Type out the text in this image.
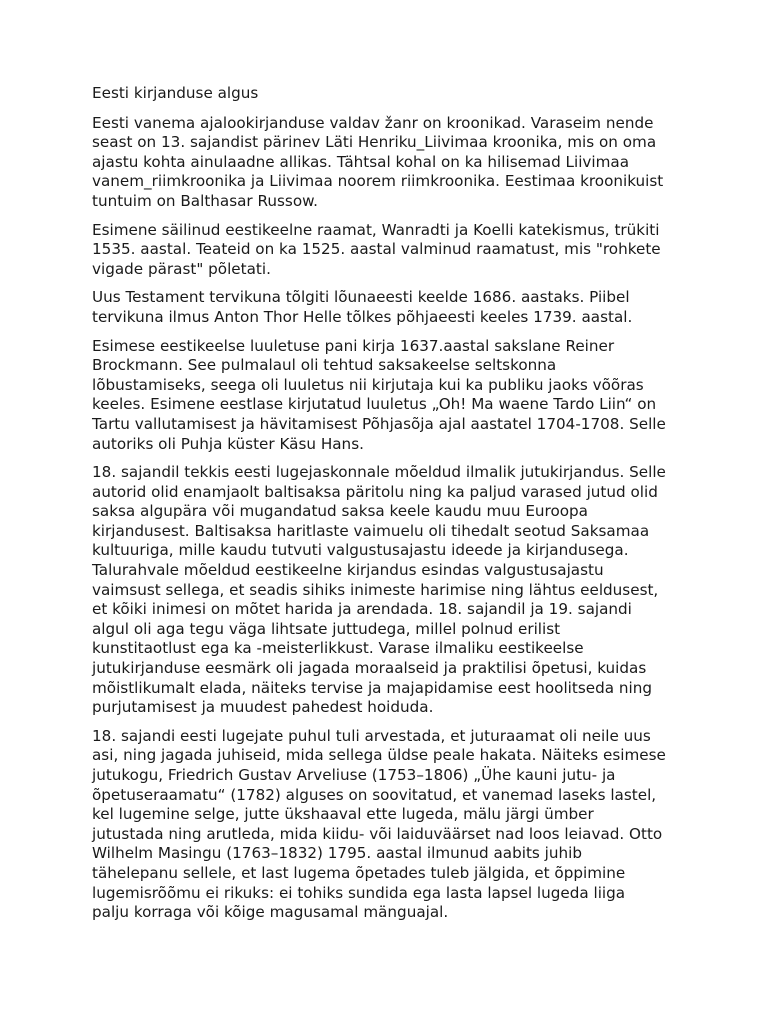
Eesti kirjanduse algus

Eesti vanema ajalookirjanduse valdav žanr on kroonikad. Varaseim nende
seast on 13. sajandist pärinev Läti Henriku_Liivimaa kroonika, mis on oma
ajastu kohta ainulaadne allikas. Tähtsal kohal on ka hilisemad Liivimaa
vanem_riimkroonika ja Liivimaa noorem riimkroonika. Eestimaa kroonikuist
tuntuim on Balthasar Russow.

Esimene säilinud eestikeelne raamat, Wanradti ja Koelli katekismus, trükiti
1535. aastal. Teateid on ka 1525. aastal valminud raamatust, mis "rohkete
vigade pärast" põletati.

Uus Testament tervikuna tõlgiti lõunaeesti keelde 1686. aastaks. Piibel
tervikuna ilmus Anton Thor Helle tõlkes põhjaeesti keeles 1739. aastal.

Esimese eestikeelse luuletuse pani kirja 1637.aastal sakslane Reiner
Brockmann. See pulmalaul oli tehtud saksakeelse seltskonna
lõbustamiseks, seega oli luuletus nii kirjutaja kui ka publiku jaoks võõras
keeles. Esimene eestlase kirjutatud luuletus „Oh! Ma waene Tardo Liin“ on
Tartu vallutamisest ja hävitamisest Põhjasõja ajal aastatel 1704-1708. Selle
autoriks oli Puhja küster Käsu Hans.

18. sajandil tekkis eesti lugejaskonnale mõeldud ilmalik jutukirjandus. Selle
autorid olid enamjaolt baltisaksa päritolu ning ka paljud varased jutud olid
saksa algupära või mugandatud saksa keele kaudu muu Euroopa
kirjandusest. Baltisaksa haritlaste vaimuelu oli tihedalt seotud Saksamaa
kultuuriga, mille kaudu tutvuti valgustusajastu ideede ja kirjandusega.
Talurahvale mõeldud eestikeelne kirjandus esindas valgustusajastu
vaimsust sellega, et seadis sihiks inimeste harimise ning lähtus eeldusest,
et kõiki inimesi on mõtet harida ja arendada. 18. sajandil ja 19. sajandi
algul oli aga tegu väga lihtsate juttudega, millel polnud erilist
kunstitaotlust ega ka -meisterlikkust. Varase ilmaliku eestikeelse
jutukirjanduse eesmärk oli jagada moraalseid ja praktilisi õpetusi, kuidas
mõistlikumalt elada, näiteks tervise ja majapidamise eest hoolitseda ning
purjutamisest ja muudest pahedest hoiduda.

18. sajandi eesti lugejate puhul tuli arvestada, et juturaamat oli neile uus
asi, ning jagada juhiseid, mida sellega üldse peale hakata. Näiteks esimese
jutukogu, Friedrich Gustav Arveliuse (1753–1806) „Ühe kauni jutu- ja
õpetuseraamatu“ (1782) alguses on soovitatud, et vanemad laseks lastel,
kel lugemine selge, jutte ükshaaval ette lugeda, mälu järgi ümber
jutustada ning arutleda, mida kiidu- või laiduväärset nad loos leiavad. Otto
Wilhelm Masingu (1763–1832) 1795. aastal ilmunud aabits juhib
tähelepanu sellele, et last lugema õpetades tuleb jälgida, et õppimine
lugemisrõõmu ei rikuks: ei tohiks sundida ega lasta lapsel lugeda liiga
palju korraga või kõige magusamal mänguajal.
